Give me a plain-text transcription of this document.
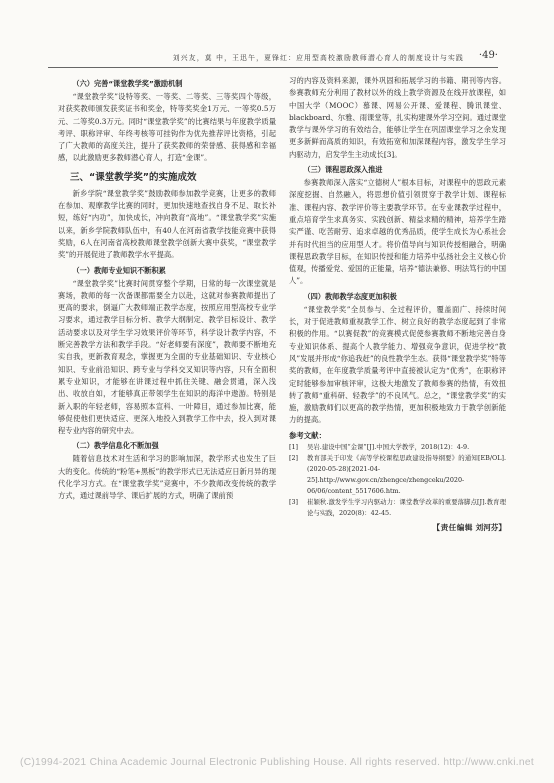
刘兴友，莫 中，王迅午，夏锋红：应用型高校激励教师潜心育人的制度设计与实践 ·49·
（六）完善“课堂教学奖”激励机制

“课堂教学奖”设特等奖、一等奖、二等奖、三等奖四个等级，对获奖教师颁发获奖证书和奖金，特等奖奖金1万元、一等奖0.5万元、二等奖0.3万元。同时“课堂教学奖”的比赛结果与年度教学质量考评、职称评审、年终考核等可挂钩作为优先推荐评比资格，引起了广大教师的高度关注，提升了获奖教师的荣誉感、获得感和幸福感，以此激励更多教师潜心育人，打造“金课”。

三、“课堂教学奖”的实施成效

新乡学院“课堂教学奖”鼓励教师参加教学竞赛，让更多的教师在参加、观摩教学比赛的同时，更加快速地查找自身不足、取长补短，练好“内功”，加快成长，冲向教育“高地”。“课堂教学奖”实施以来，新乡学院教师队伍中，有40人在河南省教学技能竞赛中获得奖励，6人在河南省高校教师课堂教学创新大赛中获奖，“课堂教学奖”的开展促进了教师教学水平提高。

（一）教师专业知识不断积累

“课堂教学奖”比赛时间贯穿整个学期，日常的每一次课堂就是赛场，教师的每一次备课都需要全力以赴，这就对参赛教师提出了更高的要求，倒逼广大教师端正教学态度，按照应用型高校专业学习要求，通过教学目标分析、教学大纲制定、教学目标设计、教学活动要求以及对学生学习效果评价等环节，科学设计教学内容，不断完善教学方法和教学手段。“好老师要有深度”，教师要不断地充实自我，更新教育观念，掌握更为全面的专业基础知识、专业核心知识、专业前沿知识、跨专业与学科交叉知识等内容，只有全面积累专业知识，才能够在讲课过程中抓住关键、融会贯通，深入浅出、收放自如，才能够真正带领学生在知识的海洋中遨游。特别是新入职的年轻老师，容易照本宣科、一叶障目，通过参加比赛，能够促使他们更快适应、更深入地投入到教学工作中去，投入到对课程专业内容的研究中去。

（二）教学信息化不断加强

随着信息技术对生活和学习的影响加深，教学形式也发生了巨大的变化。传统的“粉笔+黑板”的教学形式已无法适应日新月异的现代化学习方式。在“课堂教学奖”竞赛中，不少教师改变传统的教学方式，通过课前导学、课后扩展的方式，明确了课前预

习的内容及资料来源，课外巩固和拓展学习的书籍、期刊等内容。参赛教师充分利用了教材以外的线上教学资源及在线开放课程，如中国大学（MOOC）慕课、网易公开课、爱课程、腾讯课堂、blackboard、尔雅、雨课堂等，扎实构建课外学习空间。通过课堂教学与课外学习的有效结合，能够让学生在巩固课堂学习之余发现更多新鲜而高质的知识，有效拓宽和加深课程内容，激发学生学习内驱动力，启发学生主动成长[3]。

（三）课程思政深入推进

参赛教师深入落实“立德树人”根本目标，对课程中的思政元素深度挖掘、自然融入，将思想价值引领贯穿于教学计划、课程标准、课程内容、教学评价等主要教学环节。在专业课教学过程中，重点培育学生求真务实、实践创新、精益求精的精神，培养学生踏实严谨、吃苦耐劳、追求卓越的优秀品质，使学生成长为心系社会并有时代担当的应用型人才。将价值导向与知识传授相融合，明确课程思政教学目标，在知识传授和能力培养中弘扬社会主义核心价值观，传播爱党、爱国的正能量，培养“德法兼修、明法笃行的中国人”。

（四）教师教学态度更加积极

“课堂教学奖”全员参与、全过程评价，覆盖面广、持续时间长，对于促进教师重视教学工作、树立良好的教学态度起到了非常积极的作用。“以赛促教”的竞赛模式促使参赛教师不断地完善自身专业知识体系、提高个人教学能力、增强竞争意识，促进学校“教风”发展并形成“你追我赶”的良性教学生态。获得“课堂教学奖”特等奖的教师，在年度教学质量考评中直接被认定为“优秀”，在职称评定时能够参加审核评审，这极大地激发了教师参赛的热情，有效扭转了教师“重科研、轻教学”的不良风气。总之，“课堂教学奖”的实施，激励教师们以更高的教学热情，更加积极地致力于教学创新能力的提高。

参考文献：

[1] 吴岩.建设中国“金课”[J].中国大学教学，2018(12)：4-9.

[2] 教育部关于印发《高等学校课程思政建设指导纲要》的通知[EB/OL].(2020-05-28)[2021-04-25].http://www.gov.cn/zhengce/zhengceku/2020-06/06/content_5517606.htm.

[3] 崔颖秋.激发学生学习内驱动力：课堂教学改革的重要落脚点[J].教育理论与实践，2020(8)：42-45.

【责任编辑 刘河芬】
(C)1994-2021 China Academic Journal Electronic Publishing House. All rights reserved. http://www.cnki.net
